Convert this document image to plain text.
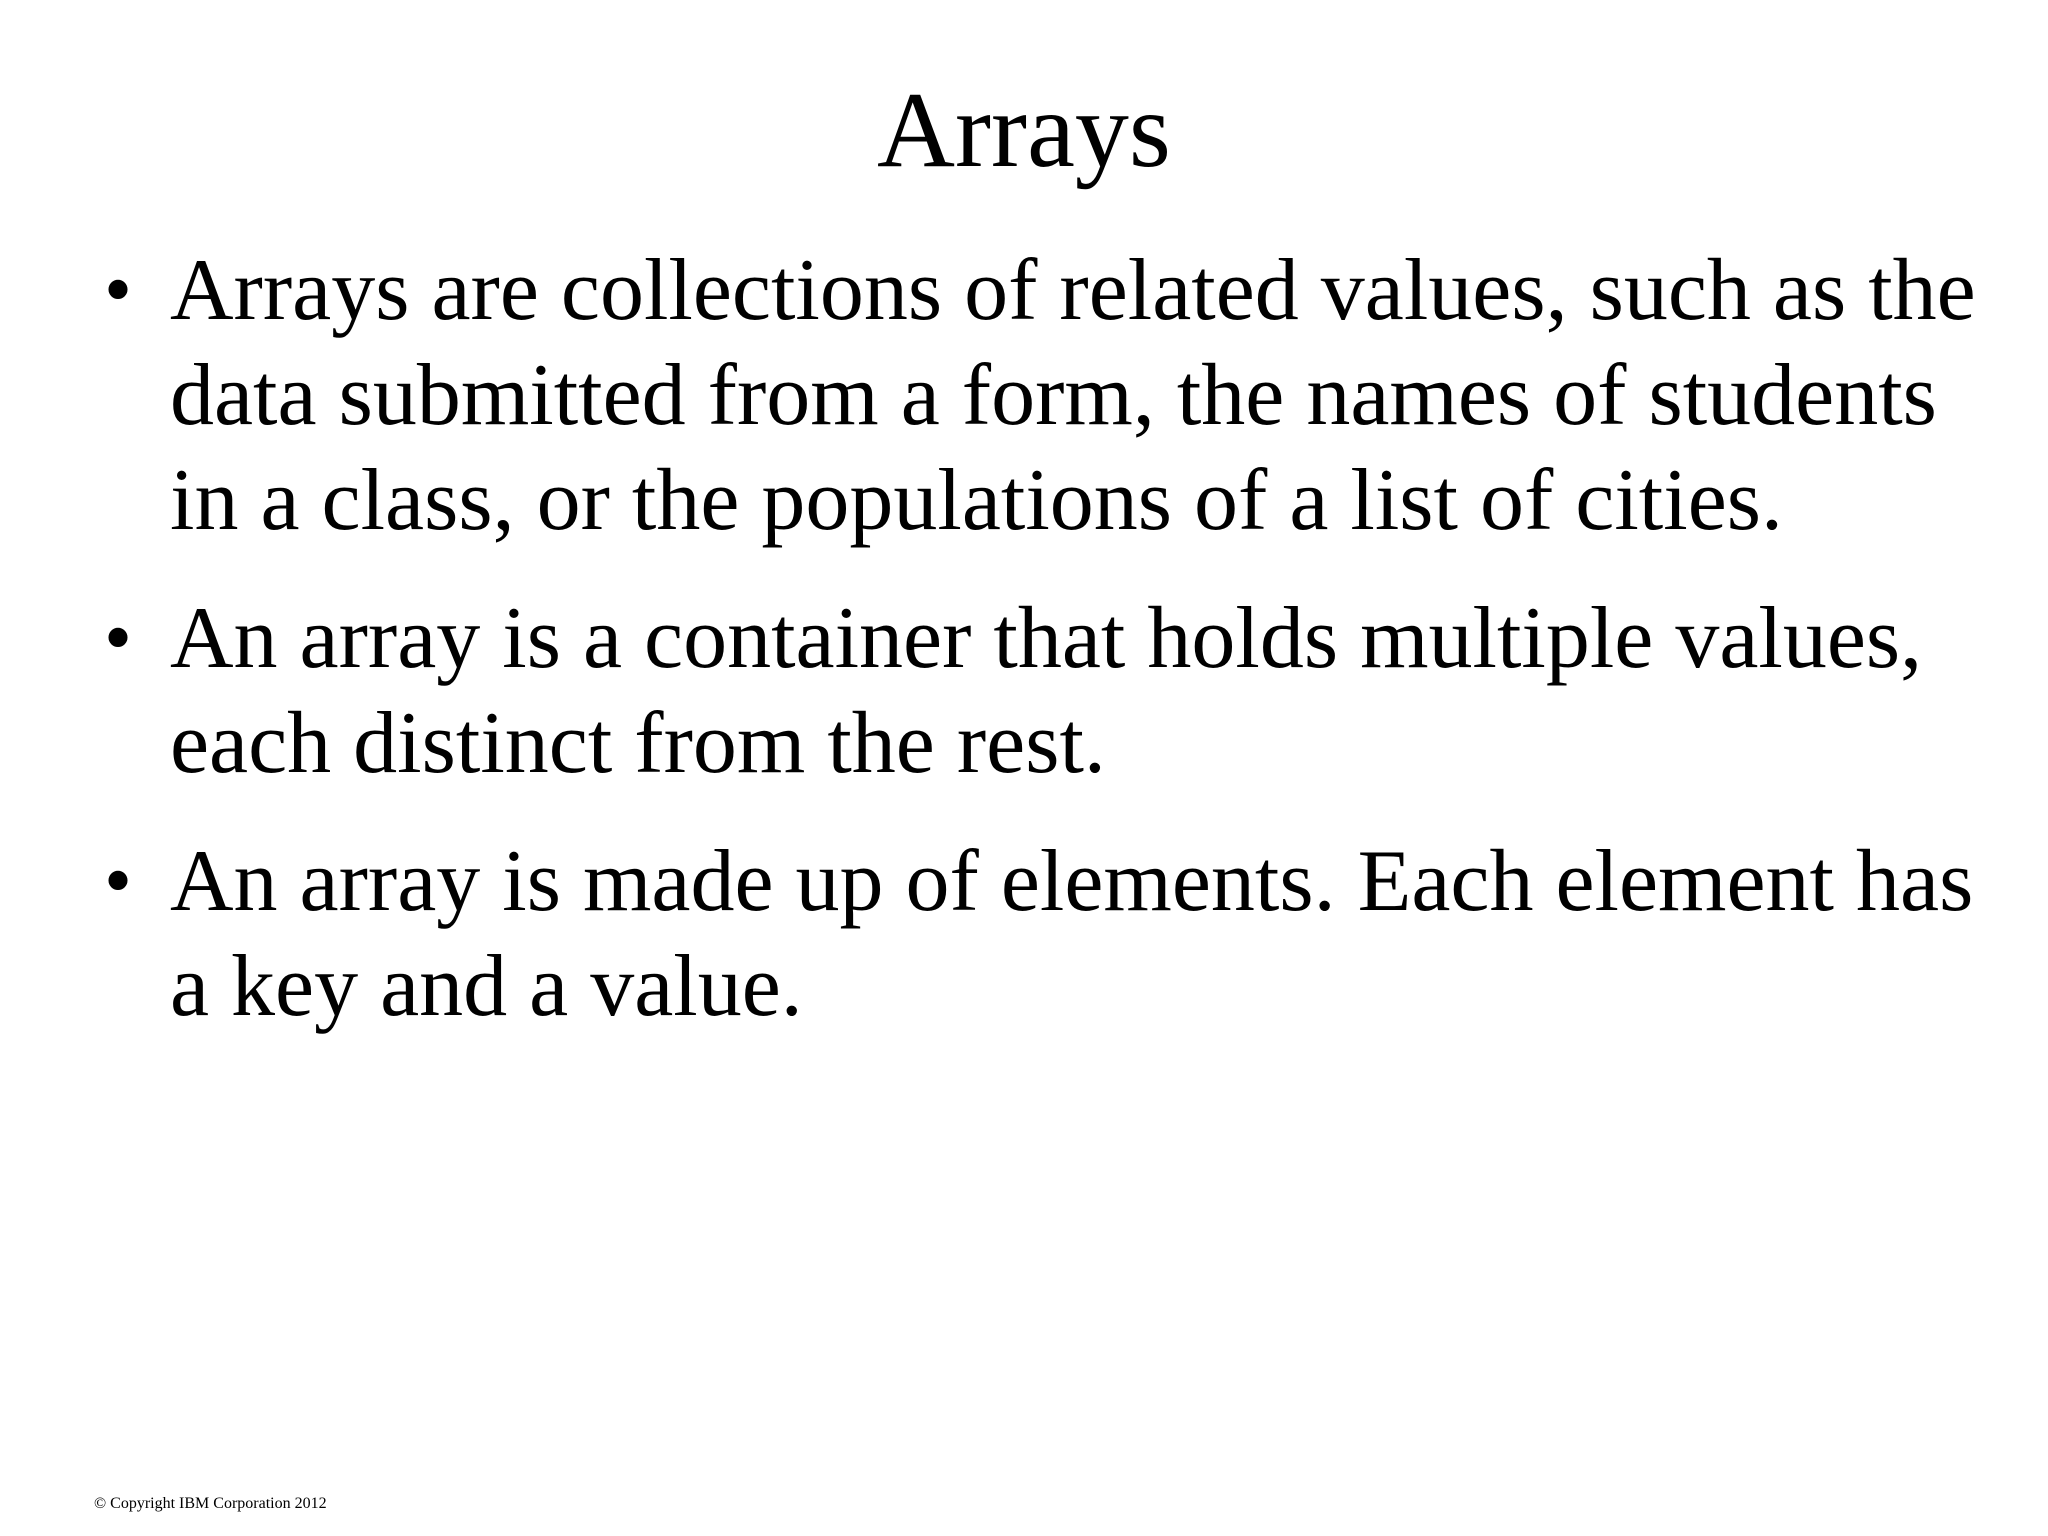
Arrays
• Arrays are collections of related values, such as the data submitted from a form, the names of students in a class, or the populations of a list of cities.
• An array is a container that holds multiple values, each distinct from the rest.
• An array is made up of elements. Each element has a key and a value.
© Copyright IBM Corporation 2012
